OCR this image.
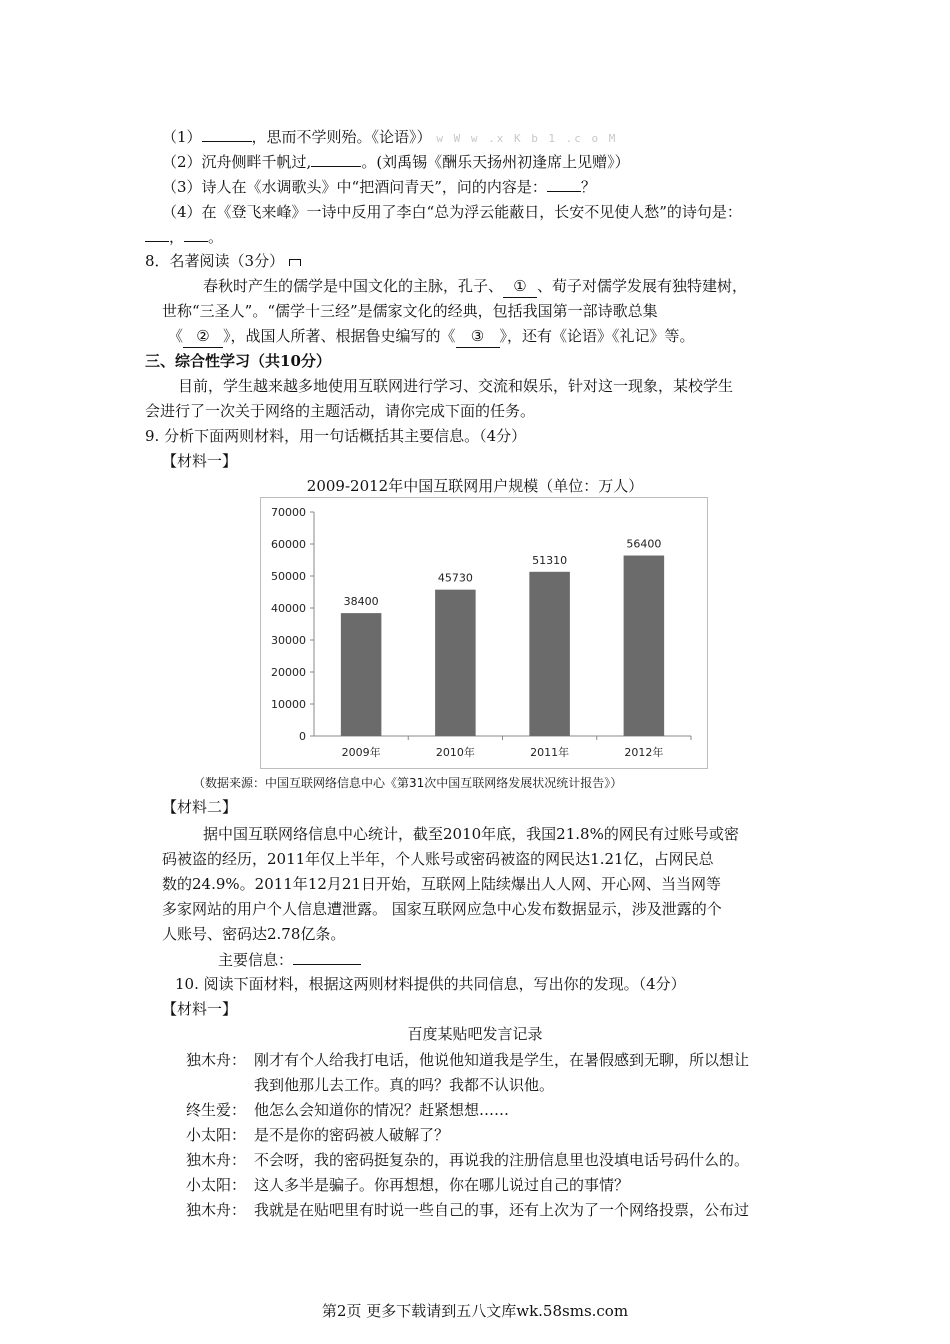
（1）	，思而不学则殆。《论语》） w W w .x K b 1 .c o M
（2）沉舟侧畔千帆过,	。(刘禹锡《酬乐天扬州初逢席上见赠》）
（3）诗人在《水调歌头》中“把酒问青天”，问的内容是： ？
（4）在《登飞来峰》一诗中反用了李白“总为浮云能蔽日，长安不见使人愁”的诗句是：
， 。
8．名著阅读（3分）
春秋时产生的儒学是中国文化的主脉，孔子、 ① 、荀子对儒学发展有独特建树，
世称“三圣人”。“儒学十三经”是儒家文化的经典，包括我国第一部诗歌总集
《 ② 》，战国人所著、根据鲁史编写的《 ③ 》，还有《论语》《礼记》等。
三、综合性学习（共10分）
目前，学生越来越多地使用互联网进行学习、交流和娱乐，针对这一现象，某校学生
会进行了一次关于网络的主题活动，请你完成下面的任务。
9. 分析下面两则材料，用一句话概括其主要信息。（4分）
【材料一】
2009-2012年中国互联网用户规模（单位：万人）
0
10000
20000
30000
40000
50000
60000
70000
38400
2009年
45730
2010年
51310
2011年
56400
2012年
（数据来源：中国互联网络信息中心《第31次中国互联网络发展状况统计报告》）
【材料二】
据中国互联网络信息中心统计，截至2010年底，我国21.8%的网民有过账号或密
码被盗的经历，2011年仅上半年，个人账号或密码被盗的网民达1.21亿，占网民总
数的24.9%。2011年12月21日开始，互联网上陆续爆出人人网、开心网、当当网等
多家网站的用户个人信息遭泄露。 国家互联网应急中心发布数据显示，涉及泄露的个
人账号、密码达2.78亿条。
主要信息：
10. 阅读下面材料，根据这两则材料提供的共同信息，写出你的发现。（4分）
【材料一】
百度某贴吧发言记录
独木舟： 刚才有个人给我打电话，他说他知道我是学生，在暑假感到无聊，所以想让
我到他那儿去工作。真的吗？我都不认识他。
终生爱： 他怎么会知道你的情况？赶紧想想……
小太阳： 是不是你的密码被人破解了？
独木舟： 不会呀，我的密码挺复杂的，再说我的注册信息里也没填电话号码什么的。
小太阳： 这人多半是骗子。你再想想，你在哪儿说过自己的事情？
独木舟： 我就是在贴吧里有时说一些自己的事，还有上次为了一个网络投票，公布过
第2页 更多下载请到五八文库wk.58sms.com
